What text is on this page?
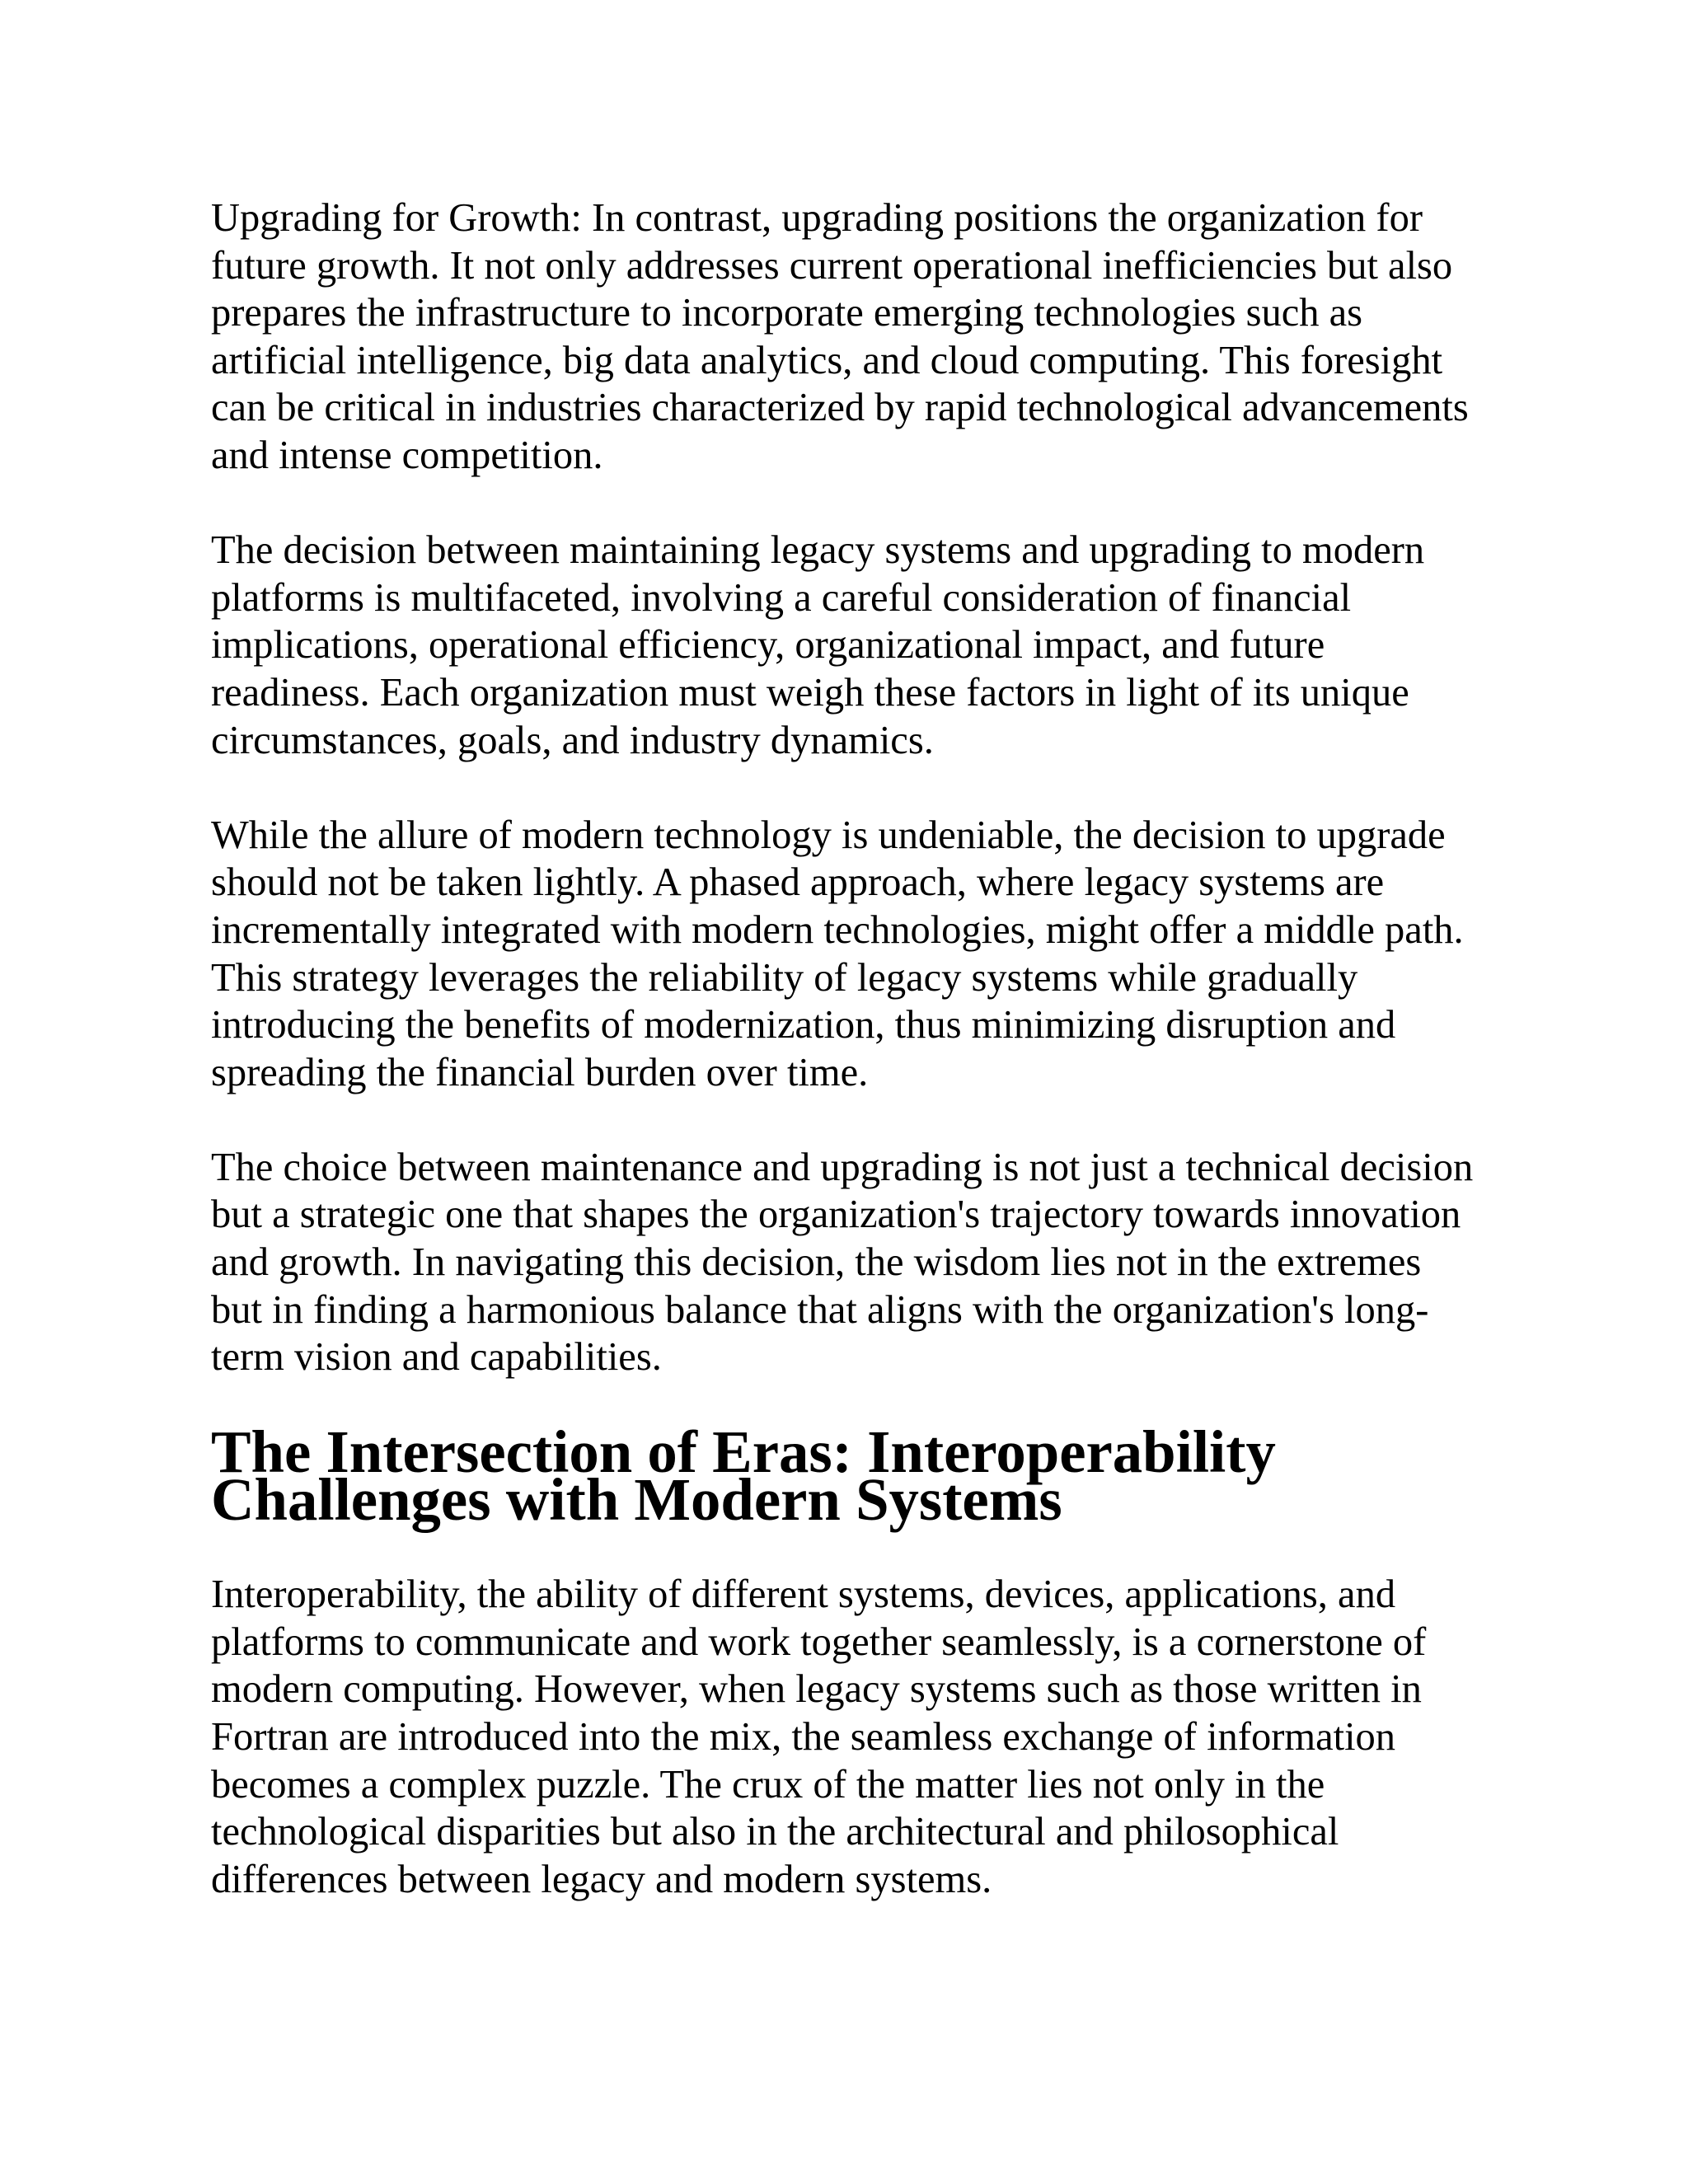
Upgrading for Growth: In contrast, upgrading positions the organization for future growth. It not only addresses current operational inefficiencies but also prepares the infrastructure to incorporate emerging technologies such as artificial intelligence, big data analytics, and cloud computing. This foresight can be critical in industries characterized by rapid technological advancements and intense competition.

The decision between maintaining legacy systems and upgrading to modern platforms is multifaceted, involving a careful consideration of financial implications, operational efficiency, organizational impact, and future readiness. Each organization must weigh these factors in light of its unique circumstances, goals, and industry dynamics.

While the allure of modern technology is undeniable, the decision to upgrade should not be taken lightly. A phased approach, where legacy systems are incrementally integrated with modern technologies, might offer a middle path. This strategy leverages the reliability of legacy systems while gradually introducing the benefits of modernization, thus minimizing disruption and spreading the financial burden over time.

The choice between maintenance and upgrading is not just a technical decision but a strategic one that shapes the organization's trajectory towards innovation and growth. In navigating this decision, the wisdom lies not in the extremes but in finding a harmonious balance that aligns with the organization's long-term vision and capabilities.

The Intersection of Eras: Interoperability Challenges with Modern Systems

Interoperability, the ability of different systems, devices, applications, and platforms to communicate and work together seamlessly, is a cornerstone of modern computing. However, when legacy systems such as those written in Fortran are introduced into the mix, the seamless exchange of information becomes a complex puzzle. The crux of the matter lies not only in the technological disparities but also in the architectural and philosophical differences between legacy and modern systems.
